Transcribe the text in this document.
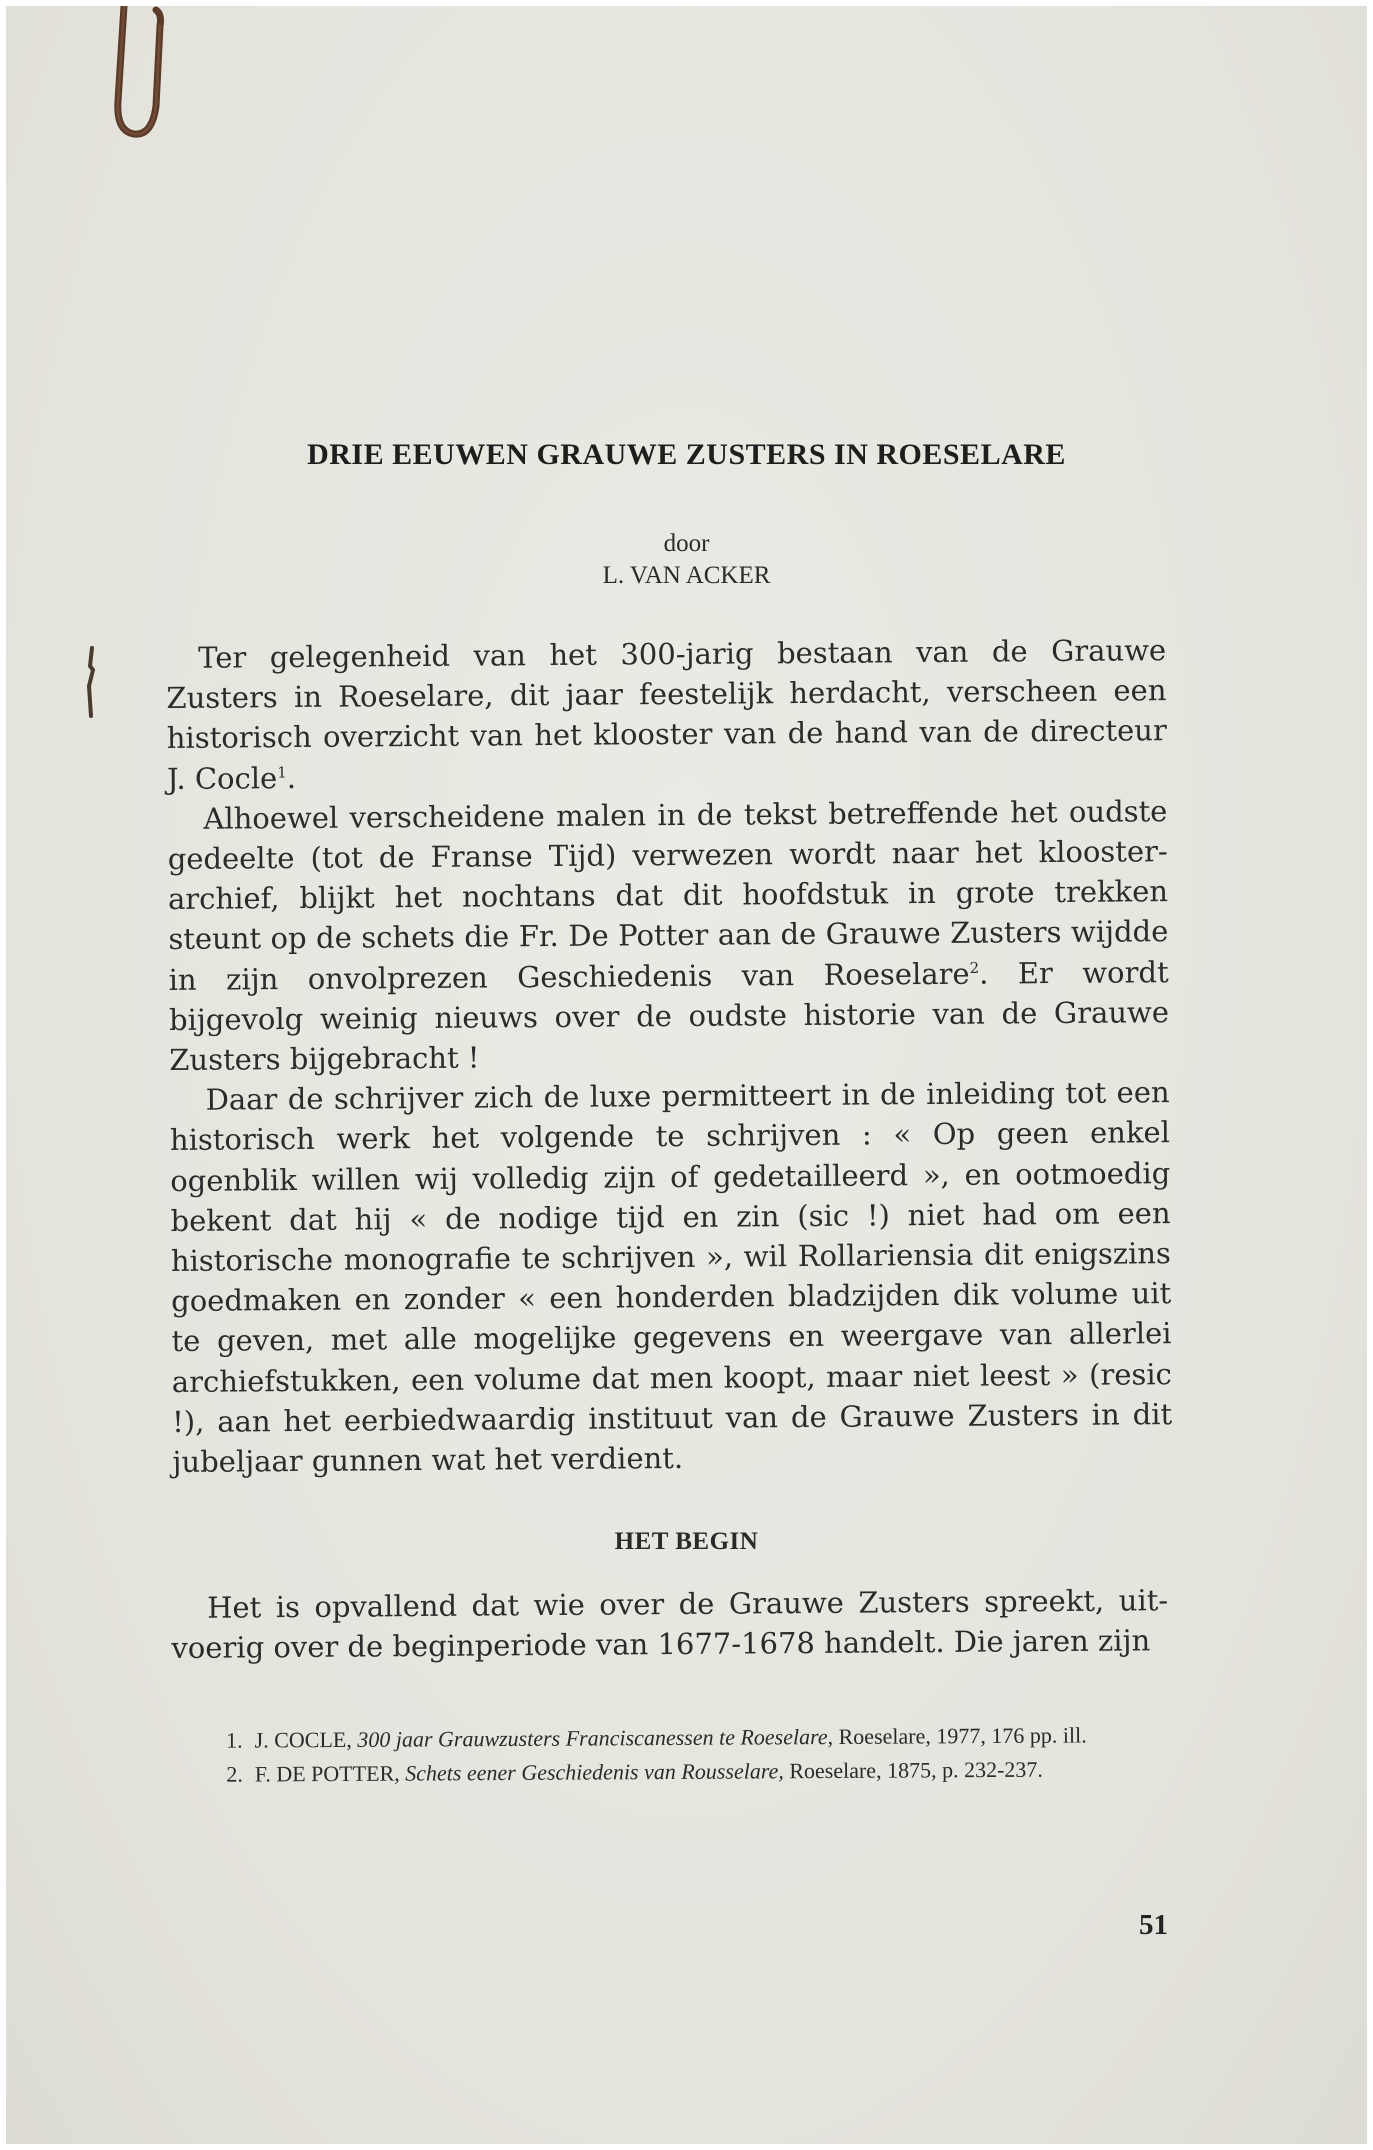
DRIE EEUWEN GRAUWE ZUSTERS IN ROESELARE

door

L. VAN ACKER

Ter gelegenheid van het 300-jarig bestaan van de Grauwe Zusters in Roeselare, dit jaar feestelijk herdacht, verscheen een historisch overzicht van het klooster van de hand van de directeur J. Cocle$^1$.

Alhoewel verscheidene malen in de tekst betreffende het oudste gedeelte (tot de Franse Tijd) verwezen wordt naar het kloosterarchief, blijkt het nochtans dat dit hoofdstuk in grote trekken steunt op de schets die Fr. De Potter aan de Grauwe Zusters wijdde in zijn onvolprezen Geschiedenis van Roeselare$^2$. Er wordt bijgevolg weinig nieuws over de oudste historie van de Grauwe Zusters bijgebracht !

Daar de schrijver zich de luxe permitteert in de inleiding tot een historisch werk het volgende te schrijven : « Op geen enkel ogenblik willen wij volledig zijn of gedetailleerd », en ootmoedig bekent dat hij « de nodige tijd en zin (sic !) niet had om een historische monografie te schrijven », wil Rollariensia dit enigszins goedmaken en zonder « een honderden bladzijden dik volume uit te geven, met alle mogelijke gegevens en weergave van allerlei archiefstukken, een volume dat men koopt, maar niet leest » (resic !), aan het eerbiedwaardig instituut van de Grauwe Zusters in dit jubeljaar gunnen wat het verdient.

HET BEGIN

Het is opvallend dat wie over de Grauwe Zusters spreekt, uitvoerig over de beginperiode van 1677-1678 handelt. Die jaren zijn

1. J. COCLE, 300 jaar Grauwzusters Franciscanessen te Roeselare, Roeselare, 1977, 176 pp. ill.

2. F. DE POTTER, Schets eener Geschiedenis van Rousselare, Roeselare, 1875, p. 232-237.

51
